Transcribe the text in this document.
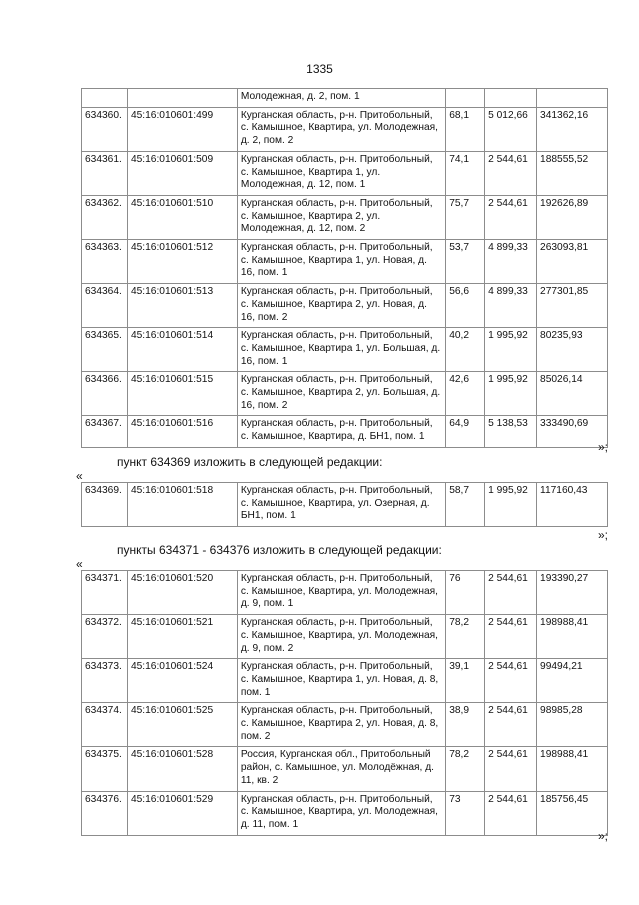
1335
		Молодежная, д. 2, пом. 1			
634360.	45:16:010601:499	Курганская область, р-н. Притобольный, с. Камышное, Квартира, ул. Молодежная, д. 2, пом. 2	68,1	5 012,66	341362,16
634361.	45:16:010601:509	Курганская область, р-н. Притобольный, с. Камышное, Квартира 1, ул. Молодежная, д. 12, пом. 1	74,1	2 544,61	188555,52
634362.	45:16:010601:510	Курганская область, р-н. Притобольный, с. Камышное, Квартира 2, ул. Молодежная, д. 12, пом. 2	75,7	2 544,61	192626,89
634363.	45:16:010601:512	Курганская область, р-н. Притобольный, с. Камышное, Квартира 1, ул. Новая, д. 16, пом. 1	53,7	4 899,33	263093,81
634364.	45:16:010601:513	Курганская область, р-н. Притобольный, с. Камышное, Квартира 2, ул. Новая, д. 16, пом. 2	56,6	4 899,33	277301,85
634365.	45:16:010601:514	Курганская область, р-н. Притобольный, с. Камышное, Квартира 1, ул. Большая, д. 16, пом. 1	40,2	1 995,92	80235,93
634366.	45:16:010601:515	Курганская область, р-н. Притобольный, с. Камышное, Квартира 2, ул. Большая, д. 16, пом. 2	42,6	1 995,92	85026,14
634367.	45:16:010601:516	Курганская область, р-н. Притобольный, с. Камышное, Квартира, д. БН1, пом. 1	64,9	5 138,53	333490,69
»;
пункт 634369 изложить в следующей редакции:
«
634369.	45:16:010601:518	Курганская область, р-н. Притобольный, с. Камышное, Квартира, ул. Озерная, д. БН1, пом. 1	58,7	1 995,92	117160,43
»;
пункты 634371 - 634376 изложить в следующей редакции:
«
634371.	45:16:010601:520	Курганская область, р-н. Притобольный, с. Камышное, Квартира, ул. Молодежная, д. 9, пом. 1	76	2 544,61	193390,27
634372.	45:16:010601:521	Курганская область, р-н. Притобольный, с. Камышное, Квартира, ул. Молодежная, д. 9, пом. 2	78,2	2 544,61	198988,41
634373.	45:16:010601:524	Курганская область, р-н. Притобольный, с. Камышное, Квартира 1, ул. Новая, д. 8, пом. 1	39,1	2 544,61	99494,21
634374.	45:16:010601:525	Курганская область, р-н. Притобольный, с. Камышное, Квартира 2, ул. Новая, д. 8, пом. 2	38,9	2 544,61	98985,28
634375.	45:16:010601:528	Россия, Курганская обл., Притобольный район, с. Камышное, ул. Молодёжная, д. 11, кв. 2	78,2	2 544,61	198988,41
634376.	45:16:010601:529	Курганская область, р-н. Притобольный, с. Камышное, Квартира, ул. Молодежная, д. 11, пом. 1	73	2 544,61	185756,45
»;
